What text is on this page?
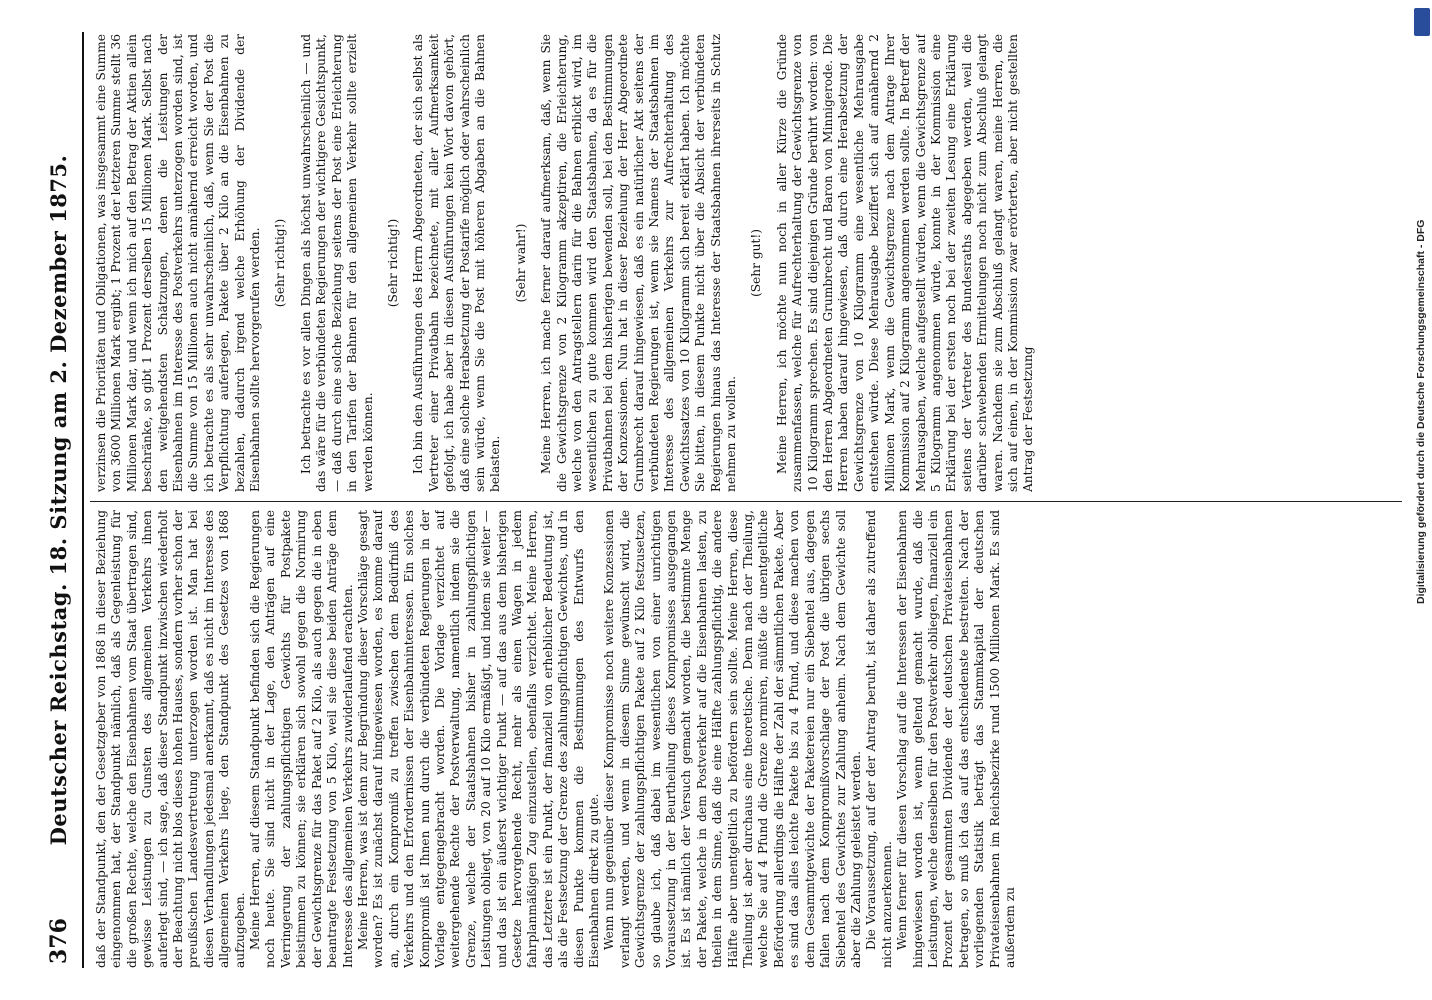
Digitalisierung gefördert durch die Deutsche Forschungsgemeinschaft - DFG
376
Deutscher Reichstag. 18. Sitzung am 2. Dezember 1875. daß der Standpunkt, den der Gesetzgeber von 1868 in dieser Beziehung eingenommen hat, der Standpunkt nämlich, daß als Gegenleistung für die großen Rechte, welche den Eisenbahnen vom Staat übertragen sind, gewisse Leistungen zu Gunsten des allgemeinen Verkehrs ihnen auferlegt sind, — ich sage, daß dieser Standpunkt inzwischen wiederholt der Beachtung nicht blos dieses hohen Hauses, sondern vorher schon der preußischen Landesvertretung unterzogen worden ist. Man hat bei diesen Verhandlungen jedesmal anerkannt, daß es nicht im Interesse des allgemeinen Verkehrs liege, den Standpunkt des Gesetzes von 1868 aufzugeben. Meine Herren, auf diesem Standpunkt befinden sich die Regierungen noch heute. Sie sind nicht in der Lage, den Anträgen auf eine Verringerung der zahlungspflichtigen Gewichts für Postpakete beistimmen zu können; sie erklären sich sowohl gegen die Normirung der Gewichtsgrenze für das Paket auf 2 Kilo, als auch gegen die in eben beantragte Festsetzung von 5 Kilo, weil sie diese beiden Anträge dem Interesse des allgemeinen Verkehrs zuwiderlaufend erachten. Meine Herren, was ist denn zur Begründung dieser Vorschläge gesagt worden? Es ist zunächst darauf hingewiesen worden, es komme darauf an, durch ein Kompromiß zu treffen zwischen dem Bedürfniß des Verkehrs und den Erfordernissen der Eisenbahninteressen. Ein solches Kompromiß ist Ihnen nun durch die verbündeten Regierungen in der Vorlage entgegengebracht worden. Die Vorlage verzichtet auf weitergehende Rechte der Postverwaltung, namentlich indem sie die Grenze, welche der Staatsbahnen bisher in zahlungspflichtigen Leistungen obliegt, von 20 auf 10 Kilo ermäßigt, und indem sie weiter — und das ist ein äußerst wichtiger Punkt — auf das aus dem bisherigen Gesetze hervorgehende Recht, mehr als einen Wagen in jedem fahrplanmäßigen Zug einzustellen, ebenfalls verzichtet. Meine Herren, das Letztere ist ein Punkt, der finanziell von erheblicher Bedeutung ist, als die Festsetzung der Grenze des zahlungspflichtigen Gewichtes, und in diesen Punkte kommen die Bestimmungen des Entwurfs den Eisenbahnen direkt zu gute. Wenn nun gegenüber dieser Kompromisse noch weitere Konzessionen verlangt werden, und wenn in diesem Sinne gewünscht wird, die Gewichtsgrenze der zahlungspflichtigen Pakete auf 2 Kilo festzusetzen, so glaube ich, daß dabei im wesentlichen von einer unrichtigen Voraussetzung in der Beurtheilung dieses Kompromisses ausgegangen ist. Es ist nämlich der Versuch gemacht worden, die bestimmte Menge der Pakete, welche in dem Postverkehr auf die Eisenbahnen lasten, zu theilen in dem Sinne, daß die eine Hälfte zahlungspflichtig, die andere Hälfte aber unentgeltlich zu befördern sein sollte. Meine Herren, diese Theilung ist aber durchaus eine theoretische. Denn nach der Theilung, welche Sie auf 4 Pfund die Grenze normiren, müßte die unentgeltliche Beförderung allerdings die Hälfte der Zahl der sämmtlichen Pakete. Aber es sind das alles leichte Pakete bis zu 4 Pfund, und diese machen von dem Gesammtgewichte der Paketereien nur ein Siebentel aus, dagegen fallen nach dem Kompromißvorschlage der Post die übrigen sechs Siebentel des Gewichtes zur Zahlung anheim. Nach dem Gewichte soll aber die Zahlung geleistet werden. Die Voraussetzung, auf der der Antrag beruht, ist daher als zutreffend nicht anzuerkennen. Wenn ferner für diesen Vorschlag auf die Interessen der Eisenbahnen hingewiesen worden ist, wenn geltend gemacht wurde, daß die Leistungen, welche denselben für den Postverkehr obliegen, finanziell ein Prozent der gesammten Dividende der deutschen Privateisenbahnen betragen, so muß ich das auf das entschiedenste bestreiten. Nach der vorliegenden Statistik beträgt das Stammkapital der deutschen Privateisenbahnen im Reichsbezirke rund 1500 Millionen Mark. Es sind außerdem zu

verzinsen die Prioritäten und Obligationen, was insgesammt eine Summe von 3600 Millionen Mark ergibt; 1 Prozent der letzteren Summe stellt 36 Millionen Mark dar, und wenn ich mich auf den Betrag der Aktien allein beschränke, so gibt 1 Prozent derselben 15 Millionen Mark. Selbst nach den weitgehendsten Schätzungen, denen die Leistungen der Eisenbahnen im Interesse des Postverkehrs unterzogen worden sind, ist die Summe von 15 Millionen auch nicht annähernd erreicht worden, und ich betrachte es als sehr unwahrscheinlich, daß, wenn Sie der Post die Verpflichtung auferlegen, Pakete über 2 Kilo an die Eisenbahnen zu bezahlen, dadurch irgend welche Erhöhung der Dividende der Eisenbahnen sollte hervorgerufen werden. (Sehr richtig!) Ich betrachte es vor allen Dingen als höchst unwahrscheinlich — und das wäre für die verbündeten Regierungen der wichtigere Gesichtspunkt, — daß durch eine solche Beziehung seitens der Post eine Erleichterung in den Tarifen der Bahnen für den allgemeinen Verkehr sollte erzielt werden können.

(Sehr richtig!) Ich bin den Ausführungen des Herrn Abgeordneten, der sich selbst als Vertreter einer Privatbahn bezeichnete, mit aller Aufmerksamkeit gefolgt, ich habe aber in diesen Ausführungen kein Wort davon gehört, daß eine solche Herabsetzung der Postarife möglich oder wahrscheinlich sein würde, wenn Sie die Post mit höheren Abgaben an die Bahnen belasten.

(Sehr wahr!) Meine Herren, ich mache ferner darauf aufmerksam, daß, wenn Sie die Gewichtsgrenze von 2 Kilogramm akzeptiren, die Erleichterung, welche von den Antragstellern darin für die Bahnen erblickt wird, im wesentlichen zu gute kommen wird den Staatsbahnen, da es für die Privatbahnen bei dem bisherigen bewenden soll, bei den Bestimmungen der Konzessionen. Nun hat in dieser Beziehung der Herr Abgeordnete Grumbrecht darauf hingewiesen, daß es ein natürlicher Akt seitens der verbündeten Regierungen ist, wenn sie Namens der Staatsbahnen im Interesse des allgemeinen Verkehrs zur Aufrechterhaltung des Gewichtssatzes von 10 Kilogramm sich bereit erklärt haben. Ich möchte Sie bitten, in diesem Punkte nicht über die Absicht der verbündeten Regierungen hinaus das Interesse der Staatsbahnen ihrerseits in Schutz nehmen zu wollen.

(Sehr gut!) Meine Herren, ich möchte nun noch in aller Kürze die Gründe zusammenfassen, welche für Aufrechterhaltung der Gewichtsgrenze von 10 Kilogramm sprechen. Es sind diejenigen Gründe berührt worden: von den Herren Abgeordneten Grumbrecht und Baron von Minnigerode. Die Herren haben darauf hingewiesen, daß durch eine Herabsetzung der Gewichtsgrenze von 10 Kilogramm eine wesentliche Mehrausgabe entstehen würde. Diese Mehrausgabe beziffert sich auf annähernd 2 Millionen Mark, wenn die Gewichtsgrenze nach dem Antrage Ihrer Kommission auf 2 Kilogramm angenommen werden sollte. In Betreff der Mehrausgaben, welche aufgestellt würden, wenn die Gewichtsgrenze auf 5 Kilogramm angenommen würde, konnte in der Kommission eine Erklärung bei der ersten noch bei der zweiten Lesung eine Erklärung seitens der Vertreter des Bundesraths abgegeben werden, weil die darüber schwebenden Ermittelungen noch nicht zum Abschluß gelangt waren. Nachdem sie zum Abschluß gelangt waren, meine Herren, die sich auf einen, in der Kommission zwar erörterten, aber nicht gestellten Antrag der Festsetzung
